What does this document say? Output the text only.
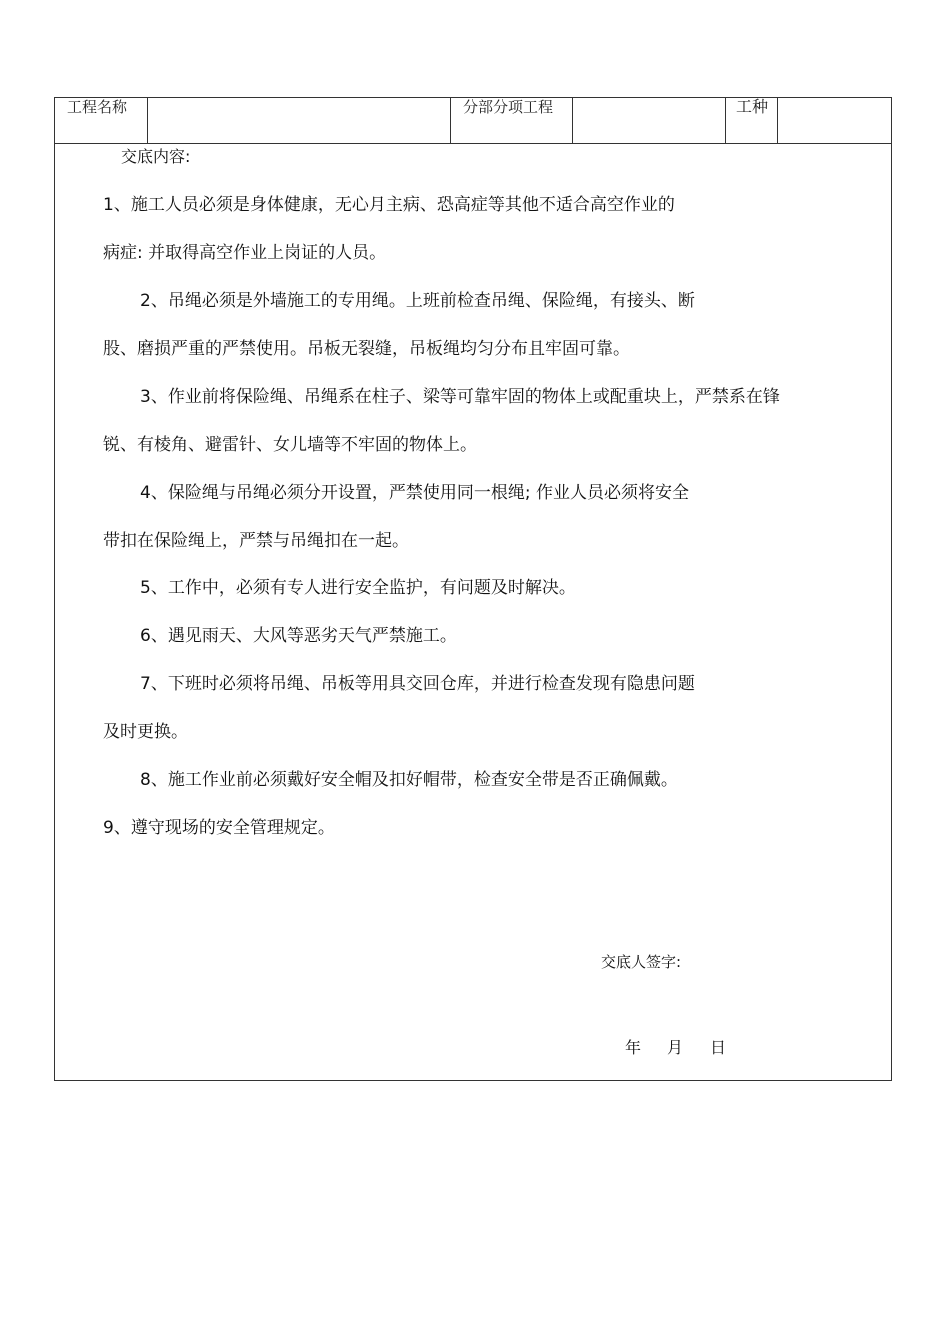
工程名称	分部分项工程	工种
交底内容:
1、施工人员必须是身体健康，无心月主病、恐高症等其他不适合高空作业的
病症: 并取得高空作业上岗证的人员。
2、吊绳必须是外墙施工的专用绳。上班前检查吊绳、保险绳，有接头、断
股、磨损严重的严禁使用。吊板无裂缝，吊板绳均匀分布且牢固可靠。
3、作业前将保险绳、吊绳系在柱子、梁等可靠牢固的物体上或配重块上，严禁系在锋
锐、有棱角、避雷针、女儿墙等不牢固的物体上。
4、保险绳与吊绳必须分开设置，严禁使用同一根绳; 作业人员必须将安全
带扣在保险绳上，严禁与吊绳扣在一起。
5、工作中，必须有专人进行安全监护，有问题及时解决。
6、遇见雨天、大风等恶劣天气严禁施工。
7、下班时必须将吊绳、吊板等用具交回仓库，并进行检查发现有隐患问题
及时更换。
8、施工作业前必须戴好安全帽及扣好帽带，检查安全带是否正确佩戴。
9、遵守现场的安全管理规定。
交底人签字:
年 月 日
